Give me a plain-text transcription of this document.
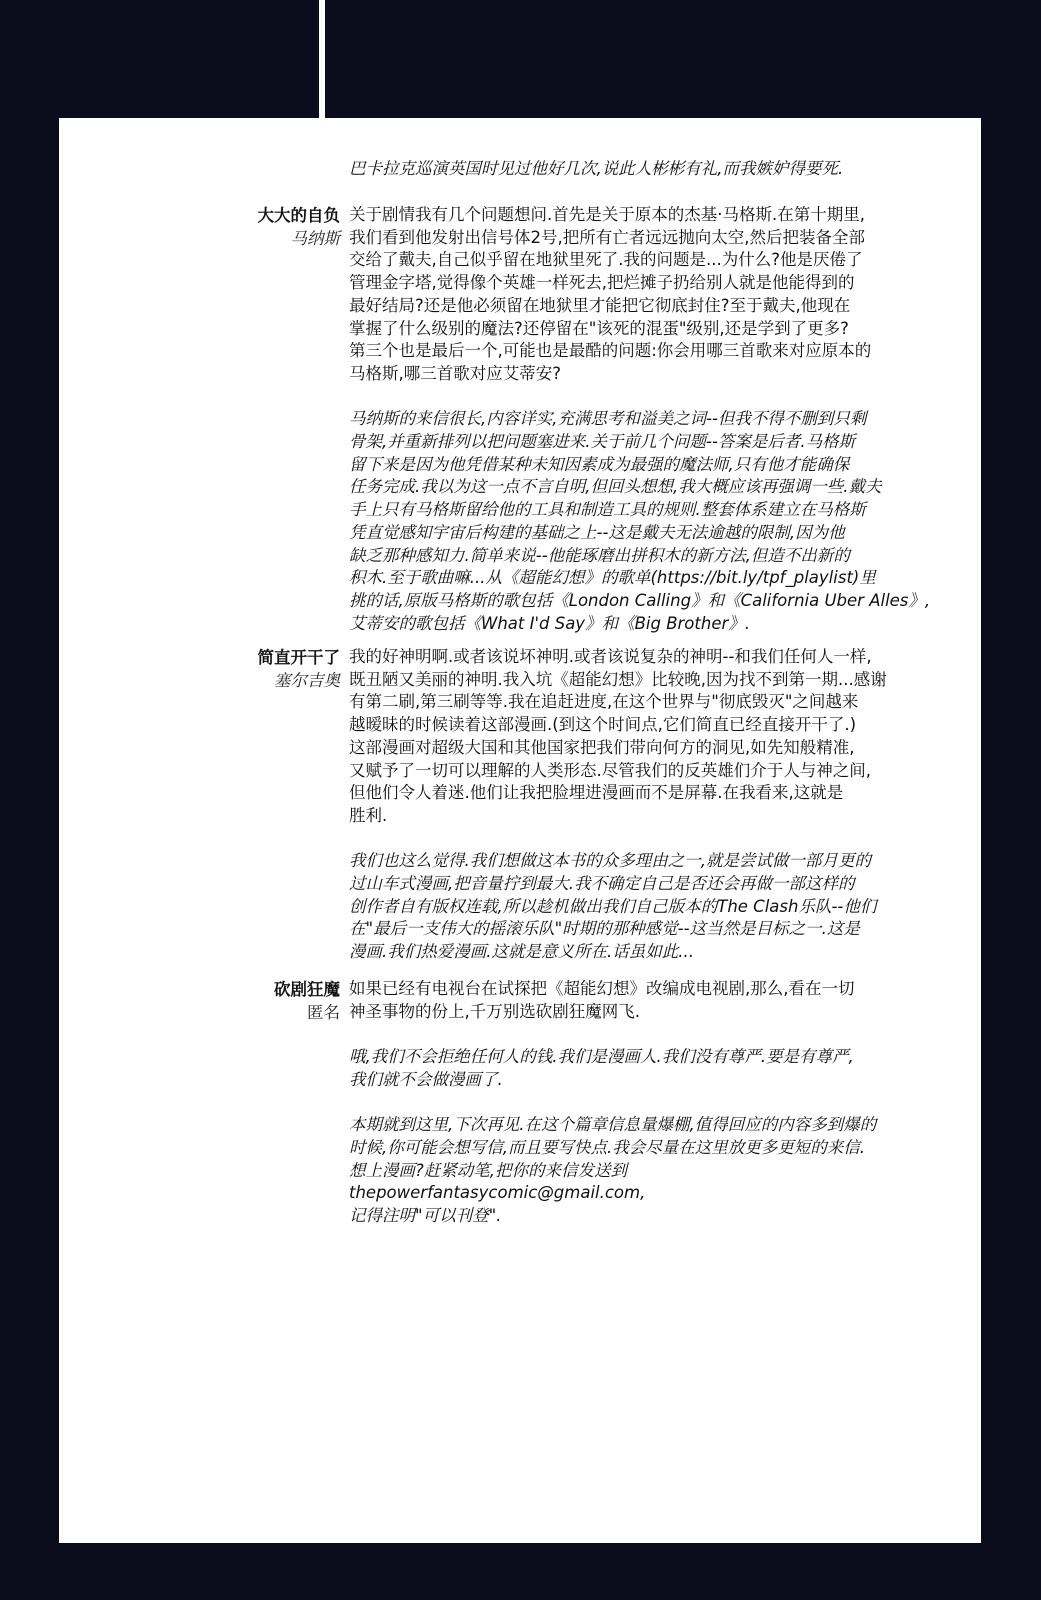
巴卡拉克巡演英国时见过他好几次,说此人彬彬有礼,而我嫉妒得要死.

大大的自负
马纳斯

关于剧情我有几个问题想问.首先是关于原本的杰基·马格斯.在第十期里,
我们看到他发射出信号体2号,把所有亡者远远抛向太空,然后把装备全部
交给了戴夫,自己似乎留在地狱里死了.我的问题是...为什么?他是厌倦了
管理金字塔,觉得像个英雄一样死去,把烂摊子扔给别人就是他能得到的
最好结局?还是他必须留在地狱里才能把它彻底封住?至于戴夫,他现在
掌握了什么级别的魔法?还停留在"该死的混蛋"级别,还是学到了更多?
第三个也是最后一个,可能也是最酷的问题:你会用哪三首歌来对应原本的
马格斯,哪三首歌对应艾蒂安?

马纳斯的来信很长,内容详实,充满思考和溢美之词--但我不得不删到只剩
骨架,并重新排列以把问题塞进来.关于前几个问题--答案是后者.马格斯
留下来是因为他凭借某种未知因素成为最强的魔法师,只有他才能确保
任务完成.我以为这一点不言自明,但回头想想,我大概应该再强调一些.戴夫
手上只有马格斯留给他的工具和制造工具的规则.整套体系建立在马格斯
凭直觉感知宇宙后构建的基础之上--这是戴夫无法逾越的限制,因为他
缺乏那种感知力.简单来说--他能琢磨出拼积木的新方法,但造不出新的
积木.至于歌曲嘛...从《超能幻想》的歌单(https://bit.ly/tpf_playlist)里
挑的话,原版马格斯的歌包括《London Calling》和《California Uber Alles》,
艾蒂安的歌包括《What I'd Say》和《Big Brother》.

简直开干了
塞尔吉奥

我的好神明啊.或者该说坏神明.或者该说复杂的神明--和我们任何人一样,
既丑陋又美丽的神明.我入坑《超能幻想》比较晚,因为找不到第一期...感谢
有第二刷,第三刷等等.我在追赶进度,在这个世界与"彻底毁灭"之间越来
越暧昧的时候读着这部漫画.(到这个时间点,它们简直已经直接开干了.)
这部漫画对超级大国和其他国家把我们带向何方的洞见,如先知般精准,
又赋予了一切可以理解的人类形态.尽管我们的反英雄们介于人与神之间,
但他们令人着迷.他们让我把脸埋进漫画而不是屏幕.在我看来,这就是
胜利.

我们也这么觉得.我们想做这本书的众多理由之一,就是尝试做一部月更的
过山车式漫画,把音量拧到最大.我不确定自己是否还会再做一部这样的
创作者自有版权连载,所以趁机做出我们自己版本的The Clash乐队--他们
在"最后一支伟大的摇滚乐队"时期的那种感觉--这当然是目标之一.这是
漫画.我们热爱漫画.这就是意义所在.话虽如此...

砍剧狂魔
匿名

如果已经有电视台在试探把《超能幻想》改编成电视剧,那么,看在一切
神圣事物的份上,千万别选砍剧狂魔网飞.

哦,我们不会拒绝任何人的钱.我们是漫画人.我们没有尊严.要是有尊严,
我们就不会做漫画了.

本期就到这里,下次再见.在这个篇章信息量爆棚,值得回应的内容多到爆的
时候,你可能会想写信,而且要写快点.我会尽量在这里放更多更短的来信.
想上漫画?赶紧动笔,把你的来信发送到
thepowerfantasycomic@gmail.com,
记得注明"可以刊登".
